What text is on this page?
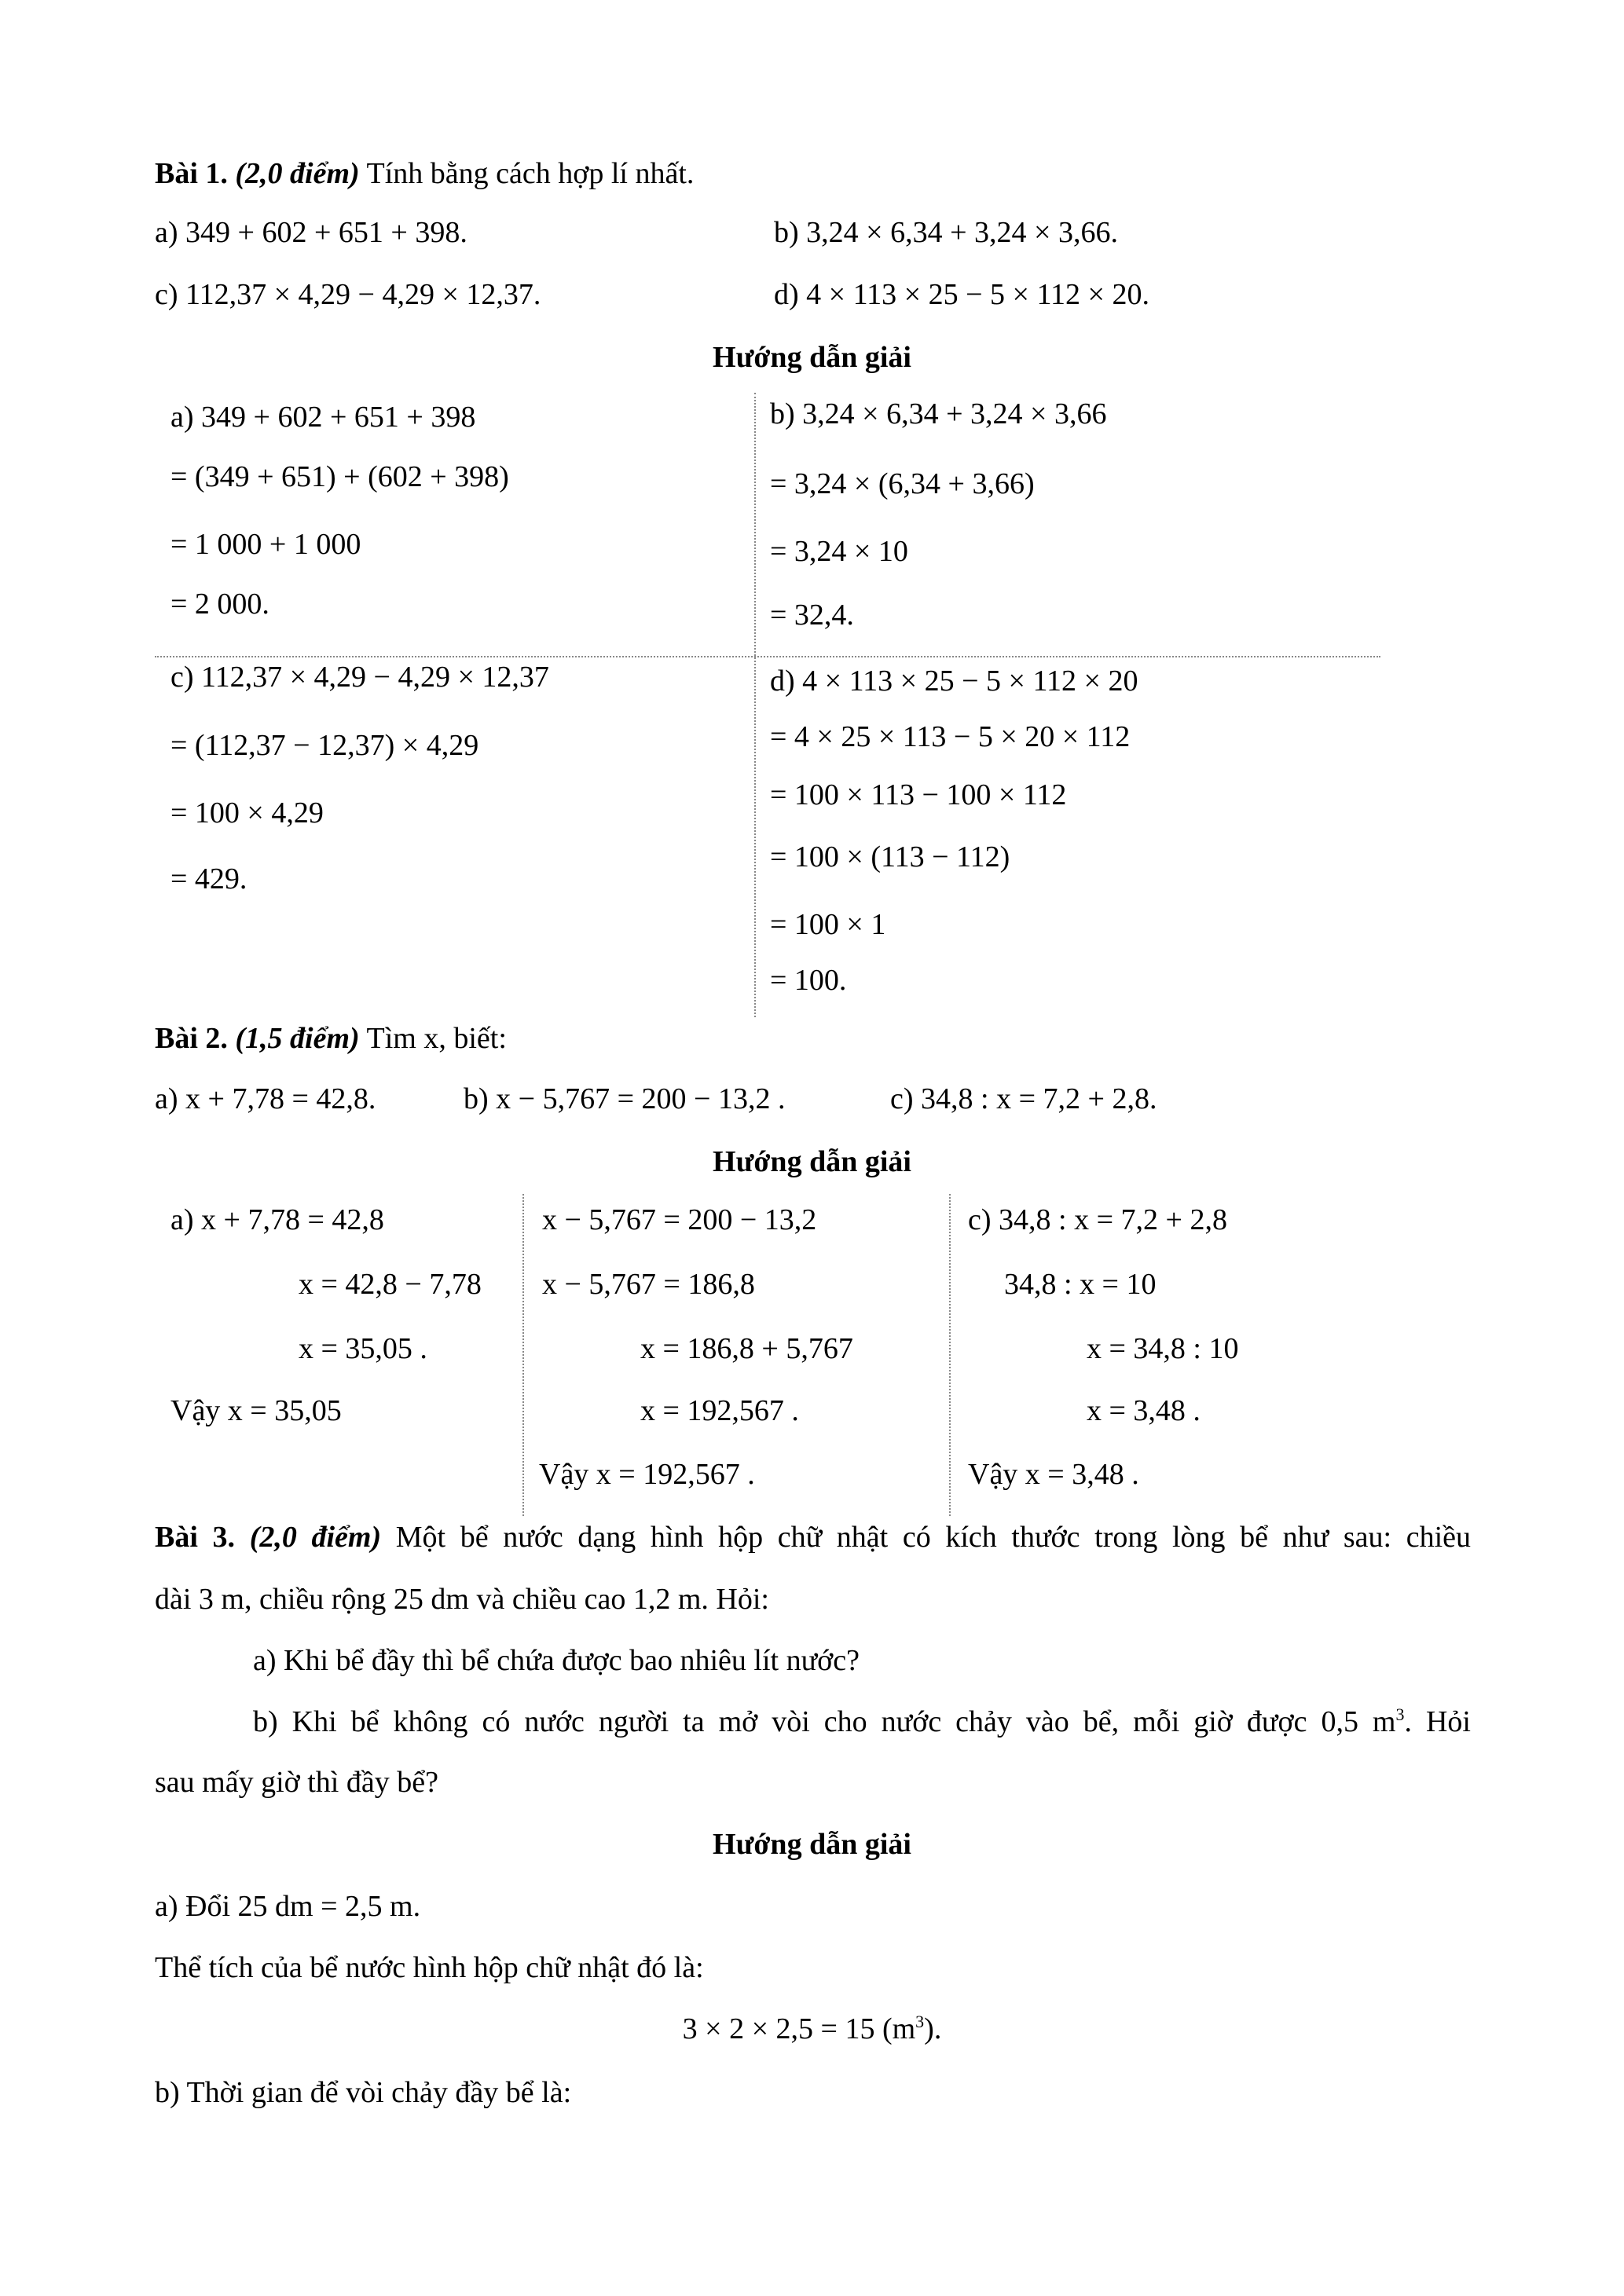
Bài 1. (2,0 điểm) Tính bằng cách hợp lí nhất.
a) 349 + 602 + 651 + 398.	b) 3,24 × 6,34 + 3,24 × 3,66.
c) 112,37 × 4,29 − 4,29 × 12,37.	d) 4 × 113 × 25 − 5 × 112 × 20.
Hướng dẫn giải
a) 349 + 602 + 651 + 398
= (349 + 651) + (602 + 398)
= 1 000 + 1 000
= 2 000.
b) 3,24 × 6,34 + 3,24 × 3,66
= 3,24 × (6,34 + 3,66)
= 3,24 × 10
= 32,4.
c) 112,37 × 4,29 − 4,29 × 12,37
= (112,37 − 12,37) × 4,29
= 100 × 4,29
= 429.
d) 4 × 113 × 25 − 5 × 112 × 20
= 4 × 25 × 113 − 5 × 20 × 112
= 100 × 113 − 100 × 112
= 100 × (113 − 112)
= 100 × 1
= 100.
Bài 2. (1,5 điểm) Tìm x, biết:
a) x + 7,78 = 42,8.	b) x − 5,767 = 200 − 13,2 .	c) 34,8 : x = 7,2 + 2,8.
Hướng dẫn giải
a) x + 7,78 = 42,8
x = 42,8 − 7,78
x = 35,05 .
Vậy x = 35,05
x − 5,767 = 200 − 13,2
x − 5,767 = 186,8
x = 186,8 + 5,767
x = 192,567 .
Vậy x = 192,567 .
c) 34,8 : x = 7,2 + 2,8
34,8 : x = 10
x = 34,8 : 10
x = 3,48 .
Vậy x = 3,48 .
Bài 3. (2,0 điểm) Một bể nước dạng hình hộp chữ nhật có kích thước trong lòng bể như sau: chiều
dài 3 m, chiều rộng 25 dm và chiều cao 1,2 m. Hỏi:
a) Khi bể đầy thì bể chứa được bao nhiêu lít nước?
b) Khi bể không có nước người ta mở vòi cho nước chảy vào bể, mỗi giờ được 0,5 $m^3$. Hỏi
sau mấy giờ thì đầy bể?
Hướng dẫn giải
a) Đổi 25 dm = 2,5 m.
Thể tích của bể nước hình hộp chữ nhật đó là:
3 × 2 × 2,5 = 15 $(m^3)$.
b) Thời gian để vòi chảy đầy bể là:
